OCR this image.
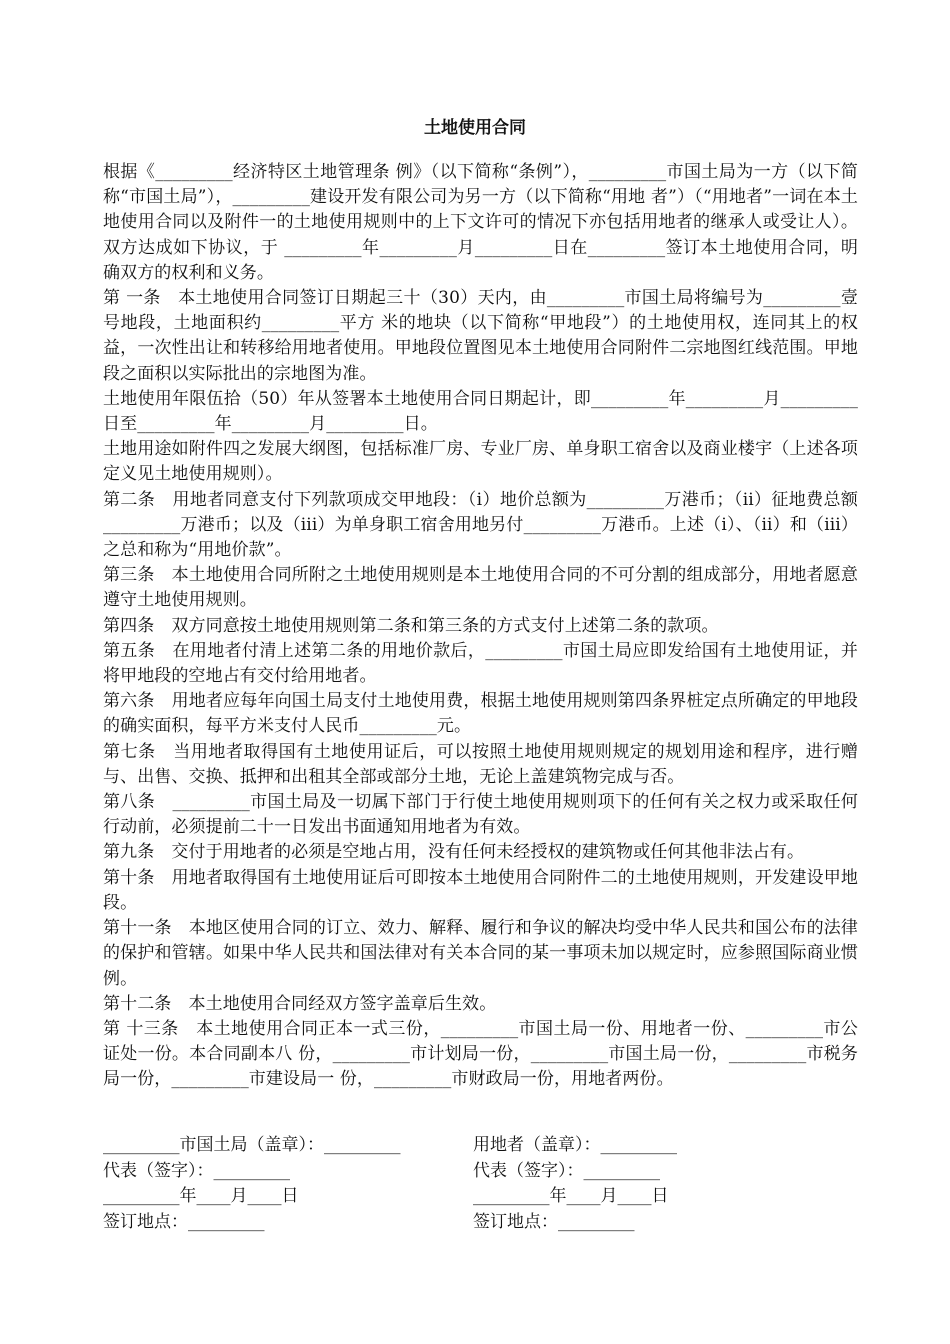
土地使用合同

根据《_________经济特区土地管理条 例》（以下简称“条例”），_________市国土局为一方（以下简称“市国土局”），_________建设开发有限公司为另一方（以下简称“用地 者”）（“用地者”一词在本土地使用合同以及附件一的土地使用规则中的上下文许可的情况下亦包括用地者的继承人或受让人）。双方达成如下协议，于 _________年_________月_________日在_________签订本土地使用合同，明确双方的权利和义务。

第 一条　本土地使用合同签订日期起三十（30）天内，由_________市国土局将编号为_________壹号地段，土地面积约_________平方 米的地块（以下简称“甲地段”）的土地使用权，连同其上的权益，一次性出让和转移给用地者使用。甲地段位置图见本土地使用合同附件二宗地图红线范围。甲地 段之面积以实际批出的宗地图为准。

土地使用年限伍拾（50）年从签署本土地使用合同日期起计，即_________年_________月_________日至_________年_________月_________日。

土地用途如附件四之发展大纲图，包括标准厂房、专业厂房、单身职工宿舍以及商业楼宇（上述各项定义见土地使用规则）。

第二条　用地者同意支付下列款项成交甲地段：（i）地价总额为_________万港币；（ii）征地费总额_________万港币；以及（iii）为单身职工宿舍用地另付_________万港币。上述（i）、（ii）和（iii）之总和称为“用地价款”。

第三条　本土地使用合同所附之土地使用规则是本土地使用合同的不可分割的组成部分，用地者愿意遵守土地使用规则。

第四条　双方同意按土地使用规则第二条和第三条的方式支付上述第二条的款项。

第五条　在用地者付清上述第二条的用地价款后，_________市国土局应即发给国有土地使用证，并将甲地段的空地占有交付给用地者。

第六条　用地者应每年向国土局支付土地使用费，根据土地使用规则第四条界桩定点所确定的甲地段的确实面积，每平方米支付人民币_________元。

第七条　当用地者取得国有土地使用证后，可以按照土地使用规则规定的规划用途和程序，进行赠与、出售、交换、抵押和出租其全部或部分土地，无论上盖建筑物完成与否。

第八条　_________市国土局及一切属下部门于行使土地使用规则项下的任何有关之权力或采取任何行动前，必须提前二十一日发出书面通知用地者为有效。

第九条　交付于用地者的必须是空地占用，没有任何未经授权的建筑物或任何其他非法占有。

第十条　用地者取得国有土地使用证后可即按本土地使用合同附件二的土地使用规则，开发建设甲地段。

第十一条　本地区使用合同的订立、效力、解释、履行和争议的解决均受中华人民共和国公布的法律的保护和管辖。如果中华人民共和国法律对有关本合同的某一事项未加以规定时，应参照国际商业惯例。

第十二条　本土地使用合同经双方签字盖章后生效。

第 十三条　本土地使用合同正本一式三份，_________市国土局一份、用地者一份、_________市公证处一份。本合同副本八 份，_________市计划局一份，_________市国土局一份，_________市税务局一份，_________市建设局一 份，_________市财政局一份，用地者两份。

_________市国土局（盖章）：_________	用地者（盖章）：_________
代表（签字）：_________	代表（签字）：_________
_________年____月____日	_________年____月____日
签订地点：_________	签订地点：_________
